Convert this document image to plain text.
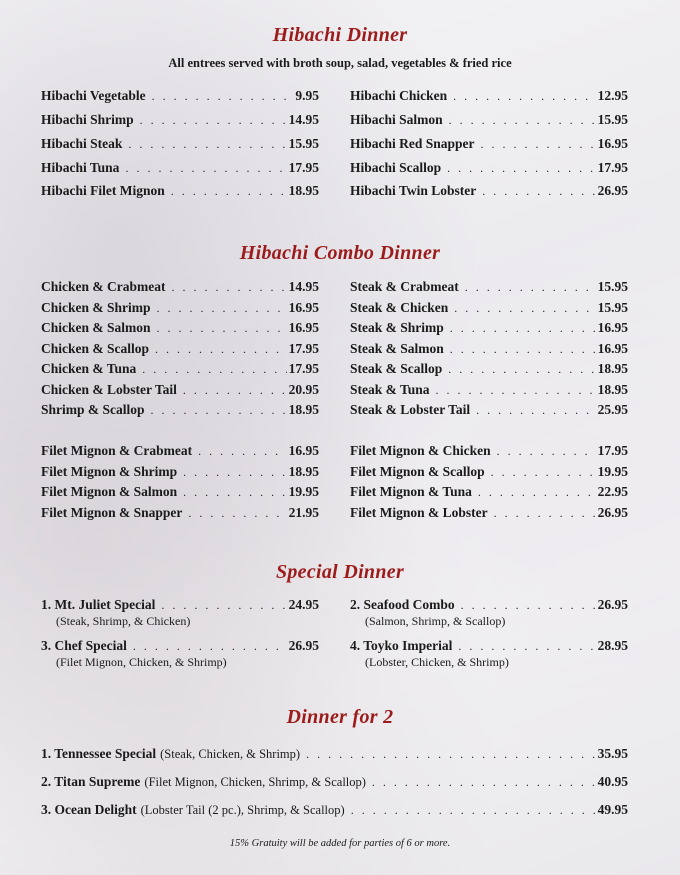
Hibachi Dinner
All entrees served with broth soup, salad, vegetables & fried rice
Hibachi Vegetable . . .	9.95
Hibachi Shrimp . . .	14.95
Hibachi Steak . . .	15.95
Hibachi Tuna . . .	17.95
Hibachi Filet Mignon . . .	18.95
Hibachi Chicken . . .	12.95
Hibachi Salmon . . .	15.95
Hibachi Red Snapper . . .	16.95
Hibachi Scallop . . .	17.95
Hibachi Twin Lobster . . .	26.95
Hibachi Combo Dinner
Chicken & Crabmeat . . .	14.95
Chicken & Shrimp . . .	16.95
Chicken & Salmon . . .	16.95
Chicken & Scallop . . .	17.95
Chicken & Tuna . . .	17.95
Chicken & Lobster Tail . . .	20.95
Shrimp & Scallop . . .	18.95
Filet Mignon & Crabmeat . . .	16.95
Filet Mignon & Shrimp . . .	18.95
Filet Mignon & Salmon . . .	19.95
Filet Mignon & Snapper . . .	21.95
Steak & Crabmeat . . .	15.95
Steak & Chicken . . .	15.95
Steak & Shrimp . . .	16.95
Steak & Salmon . . .	16.95
Steak & Scallop . . .	18.95
Steak & Tuna . . .	18.95
Steak & Lobster Tail . . .	25.95
Filet Mignon & Chicken . . .	17.95
Filet Mignon & Scallop . . .	19.95
Filet Mignon & Tuna . . .	22.95
Filet Mignon & Lobster . . .	26.95
Special Dinner
1. Mt. Juliet Special . . .	24.95
(Steak, Shrimp, & Chicken)
2. Seafood Combo . . .	26.95
(Salmon, Shrimp, & Scallop)
3. Chef Special . . .	26.95
(Filet Mignon, Chicken, & Shrimp)
4. Toyko Imperial . . .	28.95
(Lobster, Chicken, & Shrimp)
Dinner for 2
1. Tennessee Special (Steak, Chicken, & Shrimp) . . .	35.95
2. Titan Supreme (Filet Mignon, Chicken, Shrimp, & Scallop) . . .	40.95
3. Ocean Delight (Lobster Tail (2 pc.), Shrimp, & Scallop) . . .	49.95
15% Gratuity will be added for parties of 6 or more.
